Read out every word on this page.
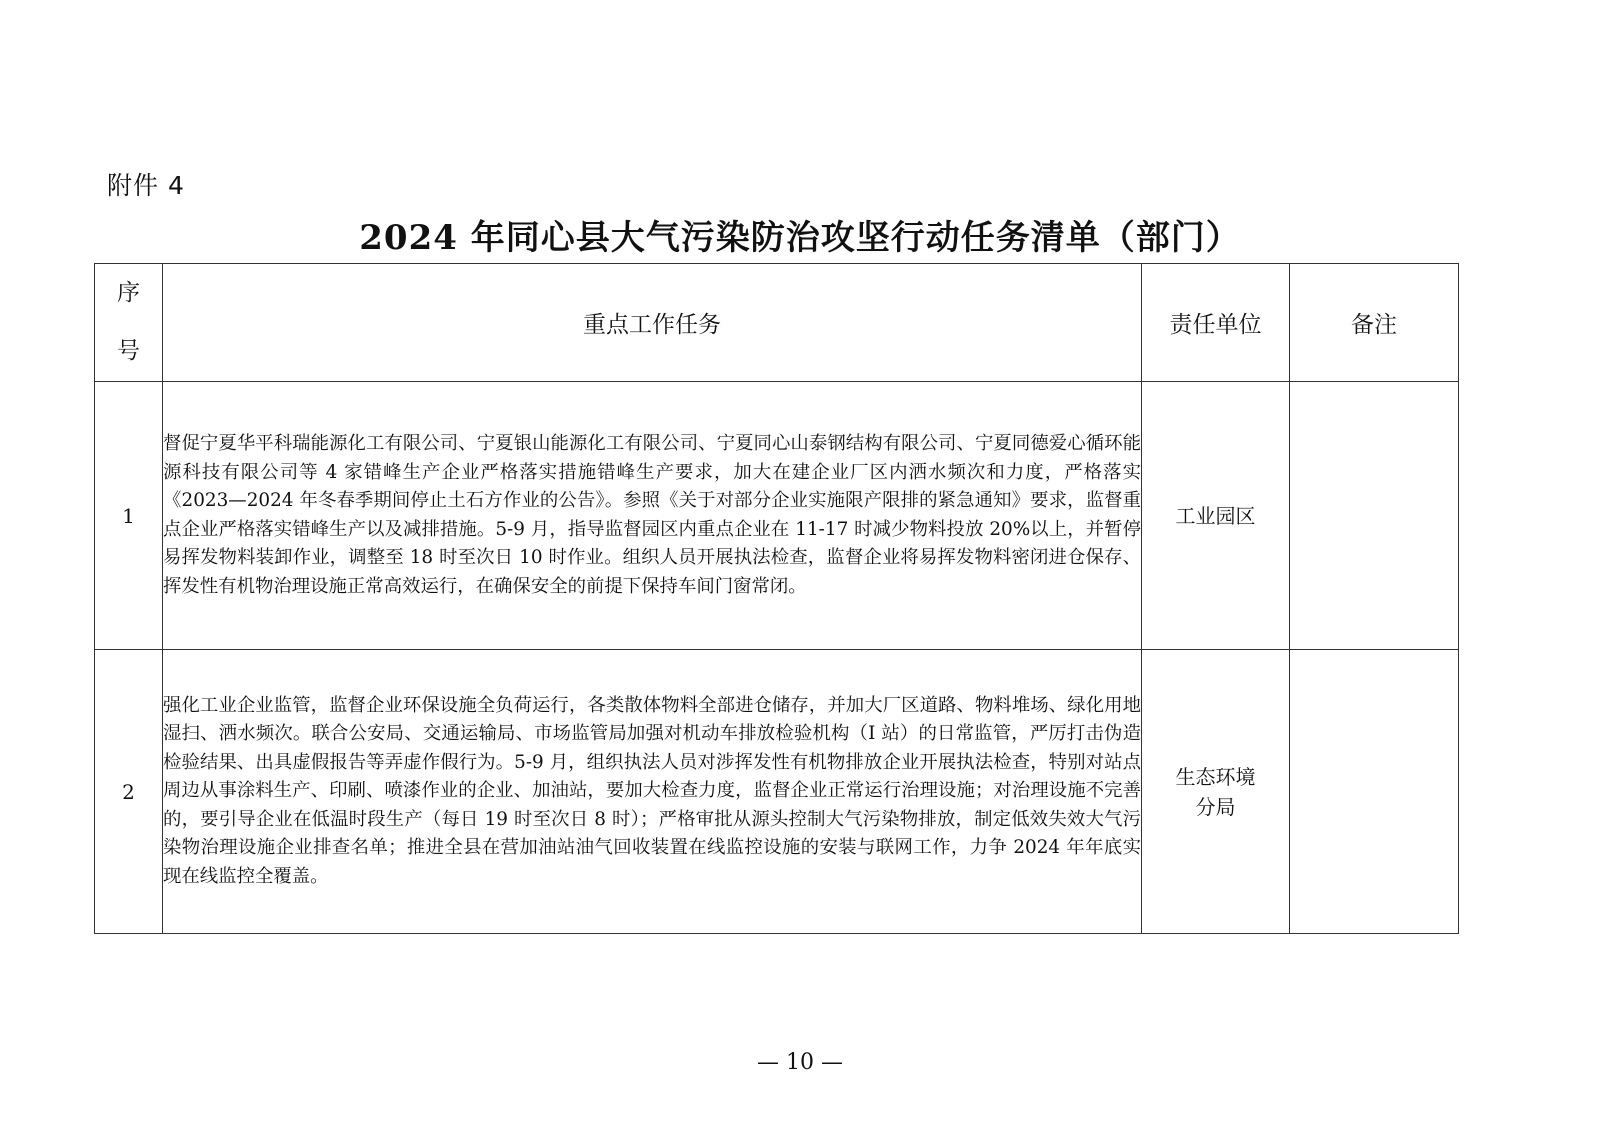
附件 4
2024 年同心县大气污染防治攻坚行动任务清单（部门）
序号	重点工作任务	责任单位	备注
1	督促宁夏华平科瑞能源化工有限公司、宁夏银山能源化工有限公司、宁夏同心山泰钢结构有限公司、宁夏同德爱心循环能源科技有限公司等 4 家错峰生产企业严格落实措施错峰生产要求，加大在建企业厂区内洒水频次和力度，严格落实《2023—2024 年冬春季期间停止土石方作业的公告》。参照《关于对部分企业实施限产限排的紧急通知》要求，监督重点企业严格落实错峰生产以及减排措施。5-9 月，指导监督园区内重点企业在 11-17 时减少物料投放 20%以上，并暂停易挥发物料装卸作业，调整至 18 时至次日 10 时作业。组织人员开展执法检查，监督企业将易挥发物料密闭进仓保存、挥发性有机物治理设施正常高效运行，在确保安全的前提下保持车间门窗常闭。	工业园区	
2	强化工业企业监管，监督企业环保设施全负荷运行，各类散体物料全部进仓储存，并加大厂区道路、物料堆场、绿化用地湿扫、洒水频次。联合公安局、交通运输局、市场监管局加强对机动车排放检验机构（I 站）的日常监管，严厉打击伪造检验结果、出具虚假报告等弄虚作假行为。5-9 月，组织执法人员对涉挥发性有机物排放企业开展执法检查，特别对站点周边从事涂料生产、印刷、喷漆作业的企业、加油站，要加大检查力度，监督企业正常运行治理设施；对治理设施不完善的，要引导企业在低温时段生产（每日 19 时至次日 8 时）；严格审批从源头控制大气污染物排放，制定低效失效大气污染物治理设施企业排查名单；推进全县在营加油站油气回收装置在线监控设施的安装与联网工作，力争 2024 年年底实现在线监控全覆盖。	生态环境分局	
— 10 —
